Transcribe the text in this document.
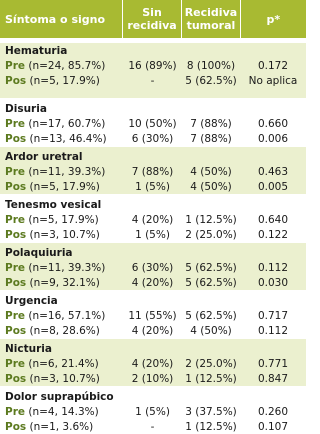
Síntoma o signo	Sin
recidiva
Recidiva
tumoral	p*
Hematuria
Pre (n=24, 85.7%)	16 (89%) 8 (100%)	0.172
Pos (n=5, 17.9%)	-	5 (62.5%)	No aplica
Disuria
Pre (n=17, 60.7%)	10 (50%)	7 (88%)	0.660
Pos (n=13, 46.4%)	6 (30%)	7 (88%)	0.006
Ardor uretral
Pre (n=11, 39.3%)	7 (88%)	4 (50%)	0.463
Pos (n=5, 17.9%)	1 (5%)	4 (50%)	0.005
Tenesmo vesical
Pre (n=5, 17.9%)	4 (20%)	1 (12.5%)	0.640
Pos (n=3, 10.7%)	1 (5%)	2 (25.0%)	0.122
Polaquiuria
Pre (n=11, 39.3%)	6 (30%)	5 (62.5%)	0.112
Pos (n=9, 32.1%)	4 (20%)	5 (62.5%)	0.030
Urgencia
Pre (n=16, 57.1%)	11 (55%) 5 (62.5%)	0.717
Pos (n=8, 28.6%)	4 (20%)	4 (50%)	0.112
Nicturia
Pre (n=6, 21.4%)	4 (20%)	2 (25.0%)	0.771
Pos (n=3, 10.7%)	2 (10%)	1 (12.5%)	0.847
Dolor suprapúbico
Pre (n=4, 14.3%)	1 (5%)	3 (37.5%)	0.260
Pos (n=1, 3.6%)	-	1 (12.5%)	0.107
